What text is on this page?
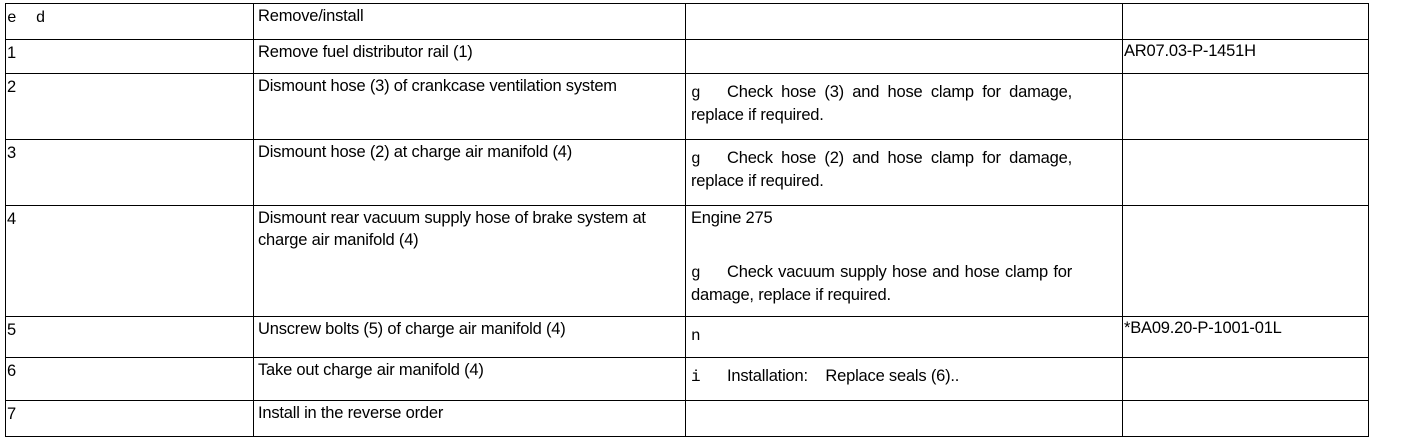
e  d	Remove/install		
1	Remove fuel distributor rail (1)		AR07.03-P-1451H
2	Dismount hose (3) of crankcase ventilation system	g Check hose (3) and hose clamp for damage, replace if required.	

3	Dismount hose (2) at charge air manifold (4)	g Check hose (2) and hose clamp for damage, replace if required.	

4	Dismount rear vacuum supply hose of brake system at charge air manifold (4)	Engine 275
g Check vacuum supply hose and hose clamp for damage, replace if required.	

5	Unscrew bolts (5) of charge air manifold (4)	n	*BA09.20-P-1001-01L
6	Take out charge air manifold (4)	i Installation:    Replace seals (6)..	
7	Install in the reverse order		
